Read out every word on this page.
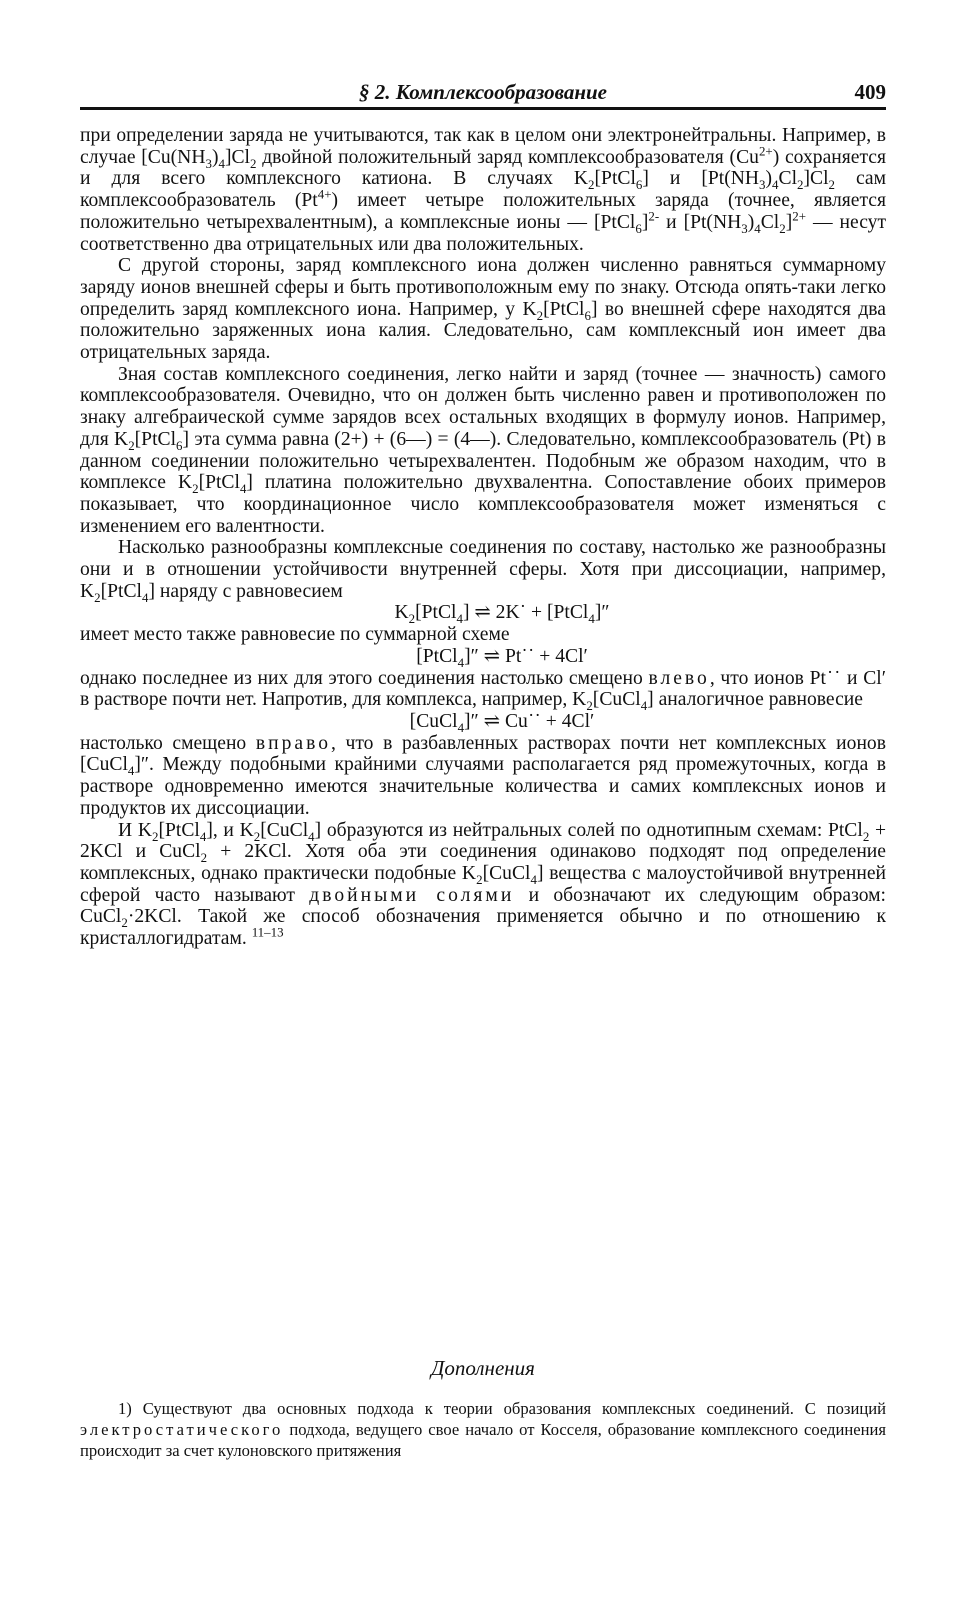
§ 2. Комплексообразование	409

при определении заряда не учитываются, так как в целом они электронейтральны. Например, в случае $[Cu(NH_3)_4]Cl_2$ двойной положительный заряд комплексообразователя $(Cu^{2+})$ сохраняется и для всего комплексного катиона. В случаях $K_2[PtCl_6]$ и $[Pt(NH_3)_4Cl_2]Cl_2$ сам комплексообразователь $(Pt^{4+})$ имеет четыре положительных заряда (точнее, является положительно четырехвалентным), а комплексные ионы — [PtCl$_6$]$^{2-}$ и $[Pt(NH_3)_4Cl_2]^{2+}$ — несут соответственно два отрицательных или два положительных.

С другой стороны, заряд комплексного иона должен численно равняться суммарному заряду ионов внешней сферы и быть противоположным ему по знаку. Отсюда опять-таки легко определить заряд комплексного иона. Например, у $K_2[PtCl_6]$ во внешней сфере находятся два положительно заряженных иона калия. Следовательно, сам комплексный ион имеет два отрицательных заряда.

Зная состав комплексного соединения, легко найти и заряд (точнее — значность) самого комплексообразователя. Очевидно, что он должен быть численно равен и противоположен по знаку алгебраической сумме зарядов всех остальных входящих в формулу ионов. Например, для $K_2[PtCl_6]$ эта сумма равна (2+) + (6—) = (4—). Следовательно, комплексообразователь (Pt) в данном соединении положительно четырехвалентен. Подобным же образом находим, что в комплексе $K_2[PtCl_4]$ платина положительно двухвалентна. Сопоставление обоих примеров показывает, что координационное число комплексообразователя может изменяться с изменением его валентности.

Насколько разнообразны комплексные соединения по составу, настолько же разнообразны они и в отношении устойчивости внутренней сферы. Хотя при диссоциации, например, $K_2[PtCl_4]$ наряду с равновесием

$K_2[PtCl_4]$ ⇌ 2K˙ + [PtCl$_4$]″

имеет место также равновесие по суммарной схеме

[PtCl$_4$]″ ⇌ Pt˙˙ + 4Cl′

однако последнее из них для этого соединения настолько смещено влево, что ионов Pt˙˙ и Cl′ в растворе почти нет. Напротив, для комплекса, например, $K_2[CuCl_4]$ аналогичное равновесие

[CuCl$_4$]″ ⇌ Cu˙˙ + 4Cl′

настолько смещено вправо, что в разбавленных растворах почти нет комплексных ионов [CuCl$_4$]″. Между подобными крайними случаями располагается ряд промежуточных, когда в растворе одновременно имеются значительные количества и самих комплексных ионов и продуктов их диссоциации.

И $K_2[PtCl_4]$, и $K_2[CuCl_4]$ образуются из нейтральных солей по однотипным схемам: PtCl$_2$ + 2KCl и CuCl$_2$ + 2KCl. Хотя оба эти соединения одинаково подходят под определение комплексных, однако практически подобные $K_2[CuCl_4]$ вещества с малоустойчивой внутренней сферой часто называют двойными солями и обозначают их следующим образом: CuCl$_2$·2KCl. Такой же способ обозначения применяется обычно и по отношению к кристаллогидратам. $^{11-13}$

Дополнения
1) Существуют два основных подхода к теории образования комплексных соединений. С позиций электростатического подхода, ведущего свое начало от Косселя, образование комплексного соединения происходит за счет кулоновского притяжения
